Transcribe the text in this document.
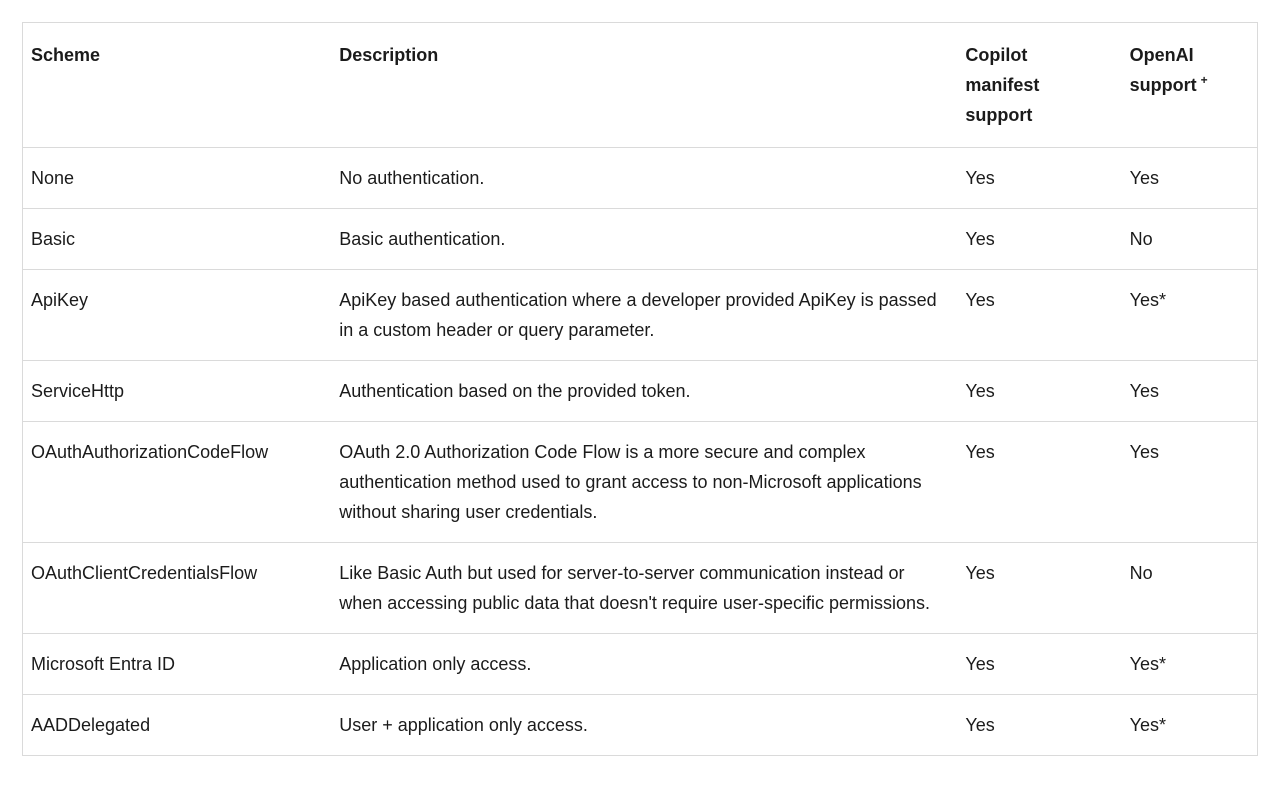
Scheme	Description	Copilot manifest support	OpenAI support +
None	No authentication.	Yes	Yes
Basic	Basic authentication.	Yes	No
ApiKey	ApiKey based authentication where a developer provided ApiKey is passed in a custom header or query parameter.	Yes	Yes*
ServiceHttp	Authentication based on the provided token.	Yes	Yes
OAuthAuthorizationCodeFlow	OAuth 2.0 Authorization Code Flow is a more secure and complex authentication method used to grant access to non-Microsoft applications without sharing user credentials.	Yes	Yes
OAuthClientCredentialsFlow	Like Basic Auth but used for server-to-server communication instead or when accessing public data that doesn't require user-specific permissions.	Yes	No
Microsoft Entra ID	Application only access.	Yes	Yes*
AADDelegated	User + application only access.	Yes	Yes*
